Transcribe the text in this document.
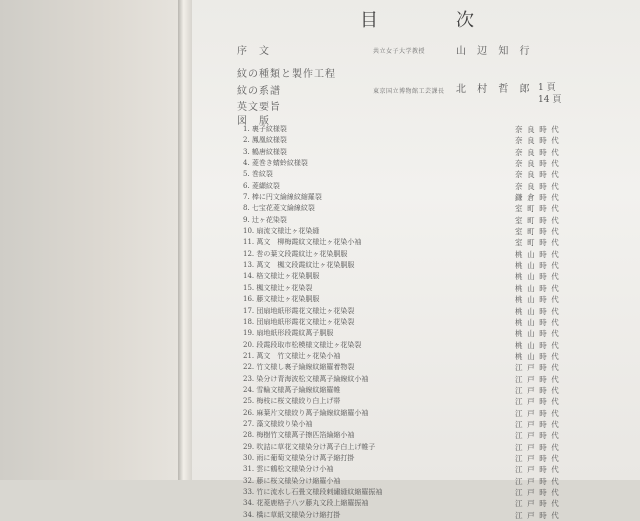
目　次
序　文	共立女子大学教授	山 辺 知 行
紋の種類と製作工程
紋の系譜	東京国立博物館工芸課長 北 村 哲 郎 1 頁
英文要旨
14 頁
図　版
1. 裏子紋様裂	奈良時代
2. 鳳凰紋様裂	奈良時代
3. 鶴唐紋様裂	奈良時代
4. 菱巻き蜻蛉紋様裂	奈良時代
5. 巻紋裂	奈良時代
6. 菱纈紋裂	奈良時代
7. 棒に円文綸線紋縮羅裂	鎌倉時代
8. 七宝花菱文綸線紋裂	室町時代
9. 辻ヶ花染裂	室町時代
10. 扇流文様辻ヶ花染縫	室町時代
11. 萬文　柳梅霞紋文様辻ヶ花染小袖	室町時代
12. 巻の葉文段霞紋辻ヶ花染胴服	桃山時代
13. 萬文　楓文段霞紋辻ヶ花染胴服	桃山時代
14. 格文様辻ヶ花染胴服	桃山時代
15. 楓文様辻ヶ花染裂	桃山時代
16. 藤文様辻ヶ花染胴服	桃山時代
17. 団扇地紙形霞花文様辻ヶ花染裂	桃山時代
18. 団扇地紙形霞花文様辻ヶ花染裂	桃山時代
19. 扇地紙形段霞紋萬子胴服	桃山時代
20. 段霞段取市松模様文様辻ヶ花染裂	桃山時代
21. 萬文　竹文様辻ヶ花染小袖	桃山時代
22. 竹文様し裏子綸線紋縮羅着物裂	江戸時代
23. 染分け青海波松文様萬子綸線紋小袖	江戸時代
24. 雪輪文様萬子綸線紋縮羅帷	江戸時代
25. 梅枝に桜文様絞り白上げ帯	江戸時代
26. 麻葉片文様絞り萬子綸線紋縮羅小袖	江戸時代
27. 藻文様絞り染小袖	江戸時代
28. 梅樹竹文様萬子擦匹箔綸縮小袖	江戸時代
29. 吹詰に草花文様染分け萬子白上げ帷子	江戸時代
30. 雨に葡萄文様染分け萬子縮打掛	江戸時代
31. 雲に鶴松文様染分け小袖	江戸時代
32. 藤に桜文様染分け縮羅小袖	江戸時代
33. 竹に流水し石畳文様段刺繡縫紋縮羅振袖	江戸時代
34. 花菱鹿格子八ツ藤丸文段上縮羅振袖	江戸時代
34. 橋に草紙文様染分け縮打掛	江戸時代
